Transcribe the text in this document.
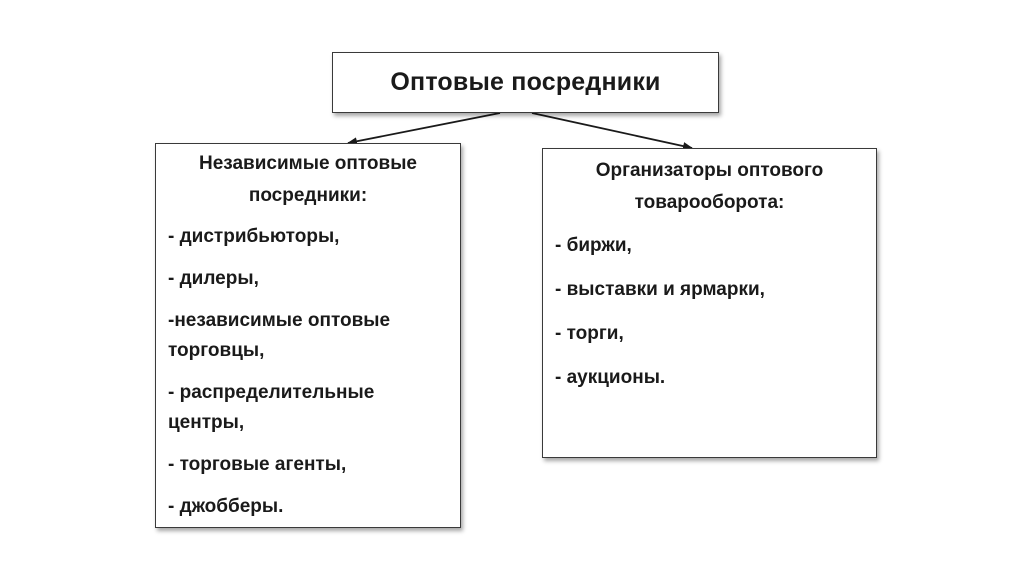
Оптовые посредники
Независимые оптовые
посредники:
- дистрибьюторы,
- дилеры,
-независимые оптовые
торговцы,
- распределительные
центры,
- торговые агенты,
- джобберы.
Организаторы оптового
товарооборота:
- биржи,
- выставки и ярмарки,
- торги,
- аукционы.
